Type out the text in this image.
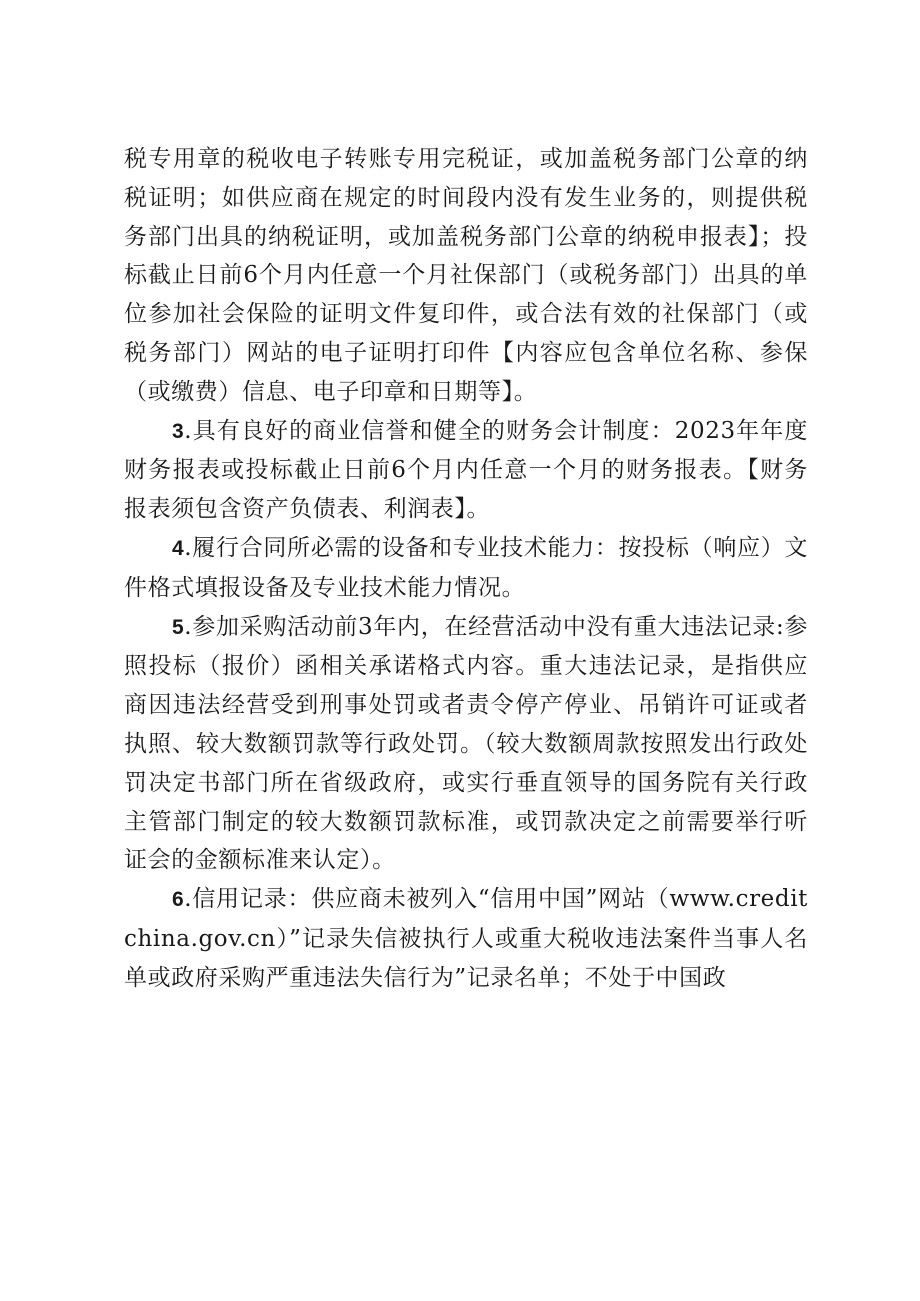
税专用章的税收电子转账专用完税证，或加盖税务部门公章的纳税证明；如供应商在规定的时间段内没有发生业务的，则提供税务部门出具的纳税证明，或加盖税务部门公章的纳税申报表】；投标截止日前6个月内任意一个月社保部门（或税务部门）出具的单位参加社会保险的证明文件复印件，或合法有效的社保部门（或税务部门）网站的电子证明打印件【内容应包含单位名称、参保（或缴费）信息、电子印章和日期等】。

3.具有良好的商业信誉和健全的财务会计制度：2023年年度财务报表或投标截止日前6个月内任意一个月的财务报表。【财务报表须包含资产负债表、利润表】。

4.履行合同所必需的设备和专业技术能力：按投标（响应）文件格式填报设备及专业技术能力情况。

5.参加采购活动前3年内，在经营活动中没有重大违法记录:参照投标（报价）函相关承诺格式内容。重大违法记录，是指供应商因违法经营受到刑事处罚或者责令停产停业、吊销许可证或者执照、较大数额罚款等行政处罚。（较大数额周款按照发出行政处罚决定书部门所在省级政府，或实行垂直领导的国务院有关行政主管部门制定的较大数额罚款标准，或罚款决定之前需要举行听证会的金额标准来认定）。

6.信用记录：供应商未被列入“信用中国”网站（www.creditchina.gov.cn）”记录失信被执行人或重大税收违法案件当事人名单或政府采购严重违法失信行为”记录名单；不处于中国政
